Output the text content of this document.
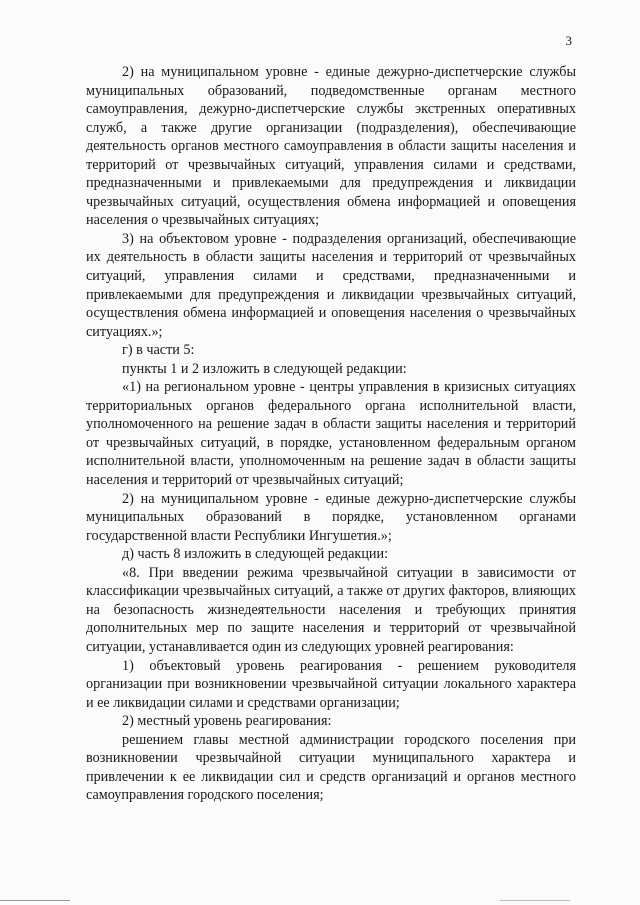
3

2) на муниципальном уровне - единые дежурно-диспетчерские службы муниципальных образований, подведомственные органам местного самоуправления, дежурно-диспетчерские службы экстренных оперативных служб, а также другие организации (подразделения), обеспечивающие деятельность органов местного самоуправления в области защиты населения и территорий от чрезвычайных ситуаций, управления силами и средствами, предназначенными и привлекаемыми для предупреждения и ликвидации чрезвычайных ситуаций, осуществления обмена информацией и оповещения населения о чрезвычайных ситуациях;

3) на объектовом уровне - подразделения организаций, обеспечивающие их деятельность в области защиты населения и территорий от чрезвычайных ситуаций, управления силами и средствами, предназначенными и привлекаемыми для предупреждения и ликвидации чрезвычайных ситуаций, осуществления обмена информацией и оповещения населения о чрезвычайных ситуациях.»;

г) в части 5:

пункты 1 и 2 изложить в следующей редакции:

«1) на региональном уровне - центры управления в кризисных ситуациях территориальных органов федерального органа исполнительной власти, уполномоченного на решение задач в области защиты населения и территорий от чрезвычайных ситуаций, в порядке, установленном федеральным органом исполнительной власти, уполномоченным на решение задач в области защиты населения и территорий от чрезвычайных ситуаций;

2) на муниципальном уровне - единые дежурно-диспетчерские службы муниципальных образований в порядке, установленном органами государственной власти Республики Ингушетия.»;

д) часть 8 изложить в следующей редакции:

«8. При введении режима чрезвычайной ситуации в зависимости от классификации чрезвычайных ситуаций, а также от других факторов, влияющих на безопасность жизнедеятельности населения и требующих принятия дополнительных мер по защите населения и территорий от чрезвычайной ситуации, устанавливается один из следующих уровней реагирования:

1) объектовый уровень реагирования - решением руководителя организации при возникновении чрезвычайной ситуации локального характера и ее ликвидации силами и средствами организации;

2) местный уровень реагирования:

решением главы местной администрации городского поселения при возникновении чрезвычайной ситуации муниципального характера и привлечении к ее ликвидации сил и средств организаций и органов местного самоуправления городского поселения;
